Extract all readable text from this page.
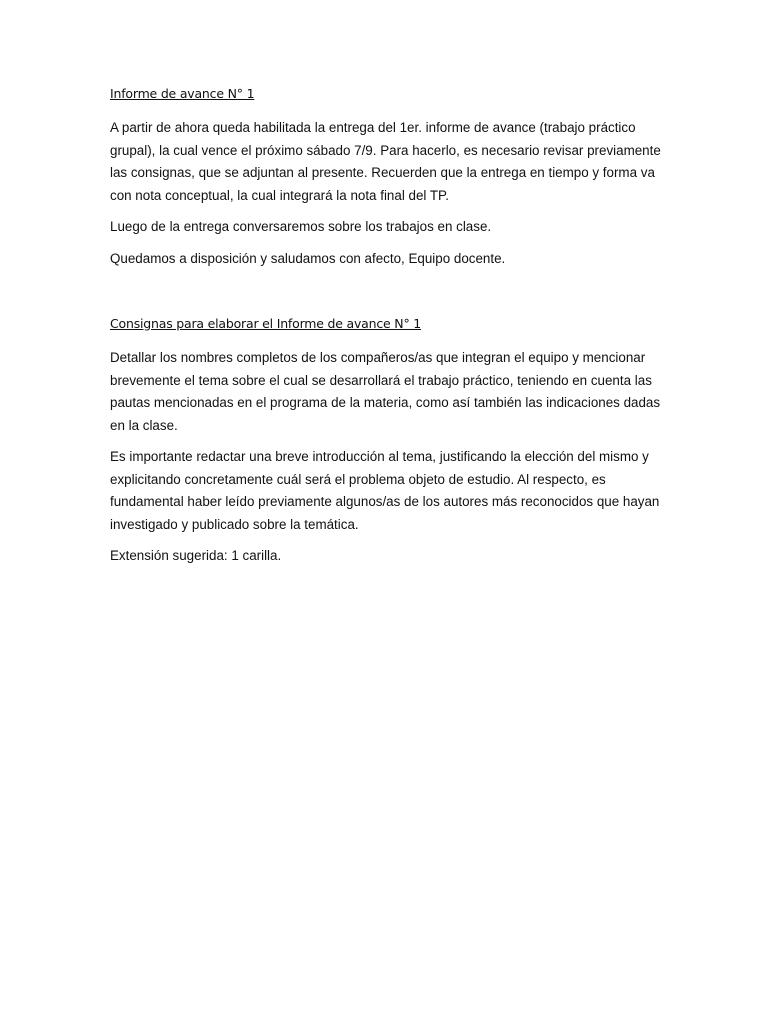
Informe de avance N° 1

A partir de ahora queda habilitada la entrega del 1er. informe de avance (trabajo práctico grupal), la cual vence el próximo sábado 7/9. Para hacerlo, es necesario revisar previamente las consignas, que se adjuntan al presente. Recuerden que la entrega en tiempo y forma va con nota conceptual, la cual integrará la nota final del TP.

Luego de la entrega conversaremos sobre los trabajos en clase.

Quedamos a disposición y saludamos con afecto, Equipo docente.

Consignas para elaborar el Informe de avance N° 1

Detallar los nombres completos de los compañeros/as que integran el equipo y mencionar brevemente el tema sobre el cual se desarrollará el trabajo práctico, teniendo en cuenta las pautas mencionadas en el programa de la materia, como así también las indicaciones dadas en la clase.

Es importante redactar una breve introducción al tema, justificando la elección del mismo y explicitando concretamente cuál será el problema objeto de estudio. Al respecto, es fundamental haber leído previamente algunos/as de los autores más reconocidos que hayan investigado y publicado sobre la temática.

Extensión sugerida: 1 carilla.
